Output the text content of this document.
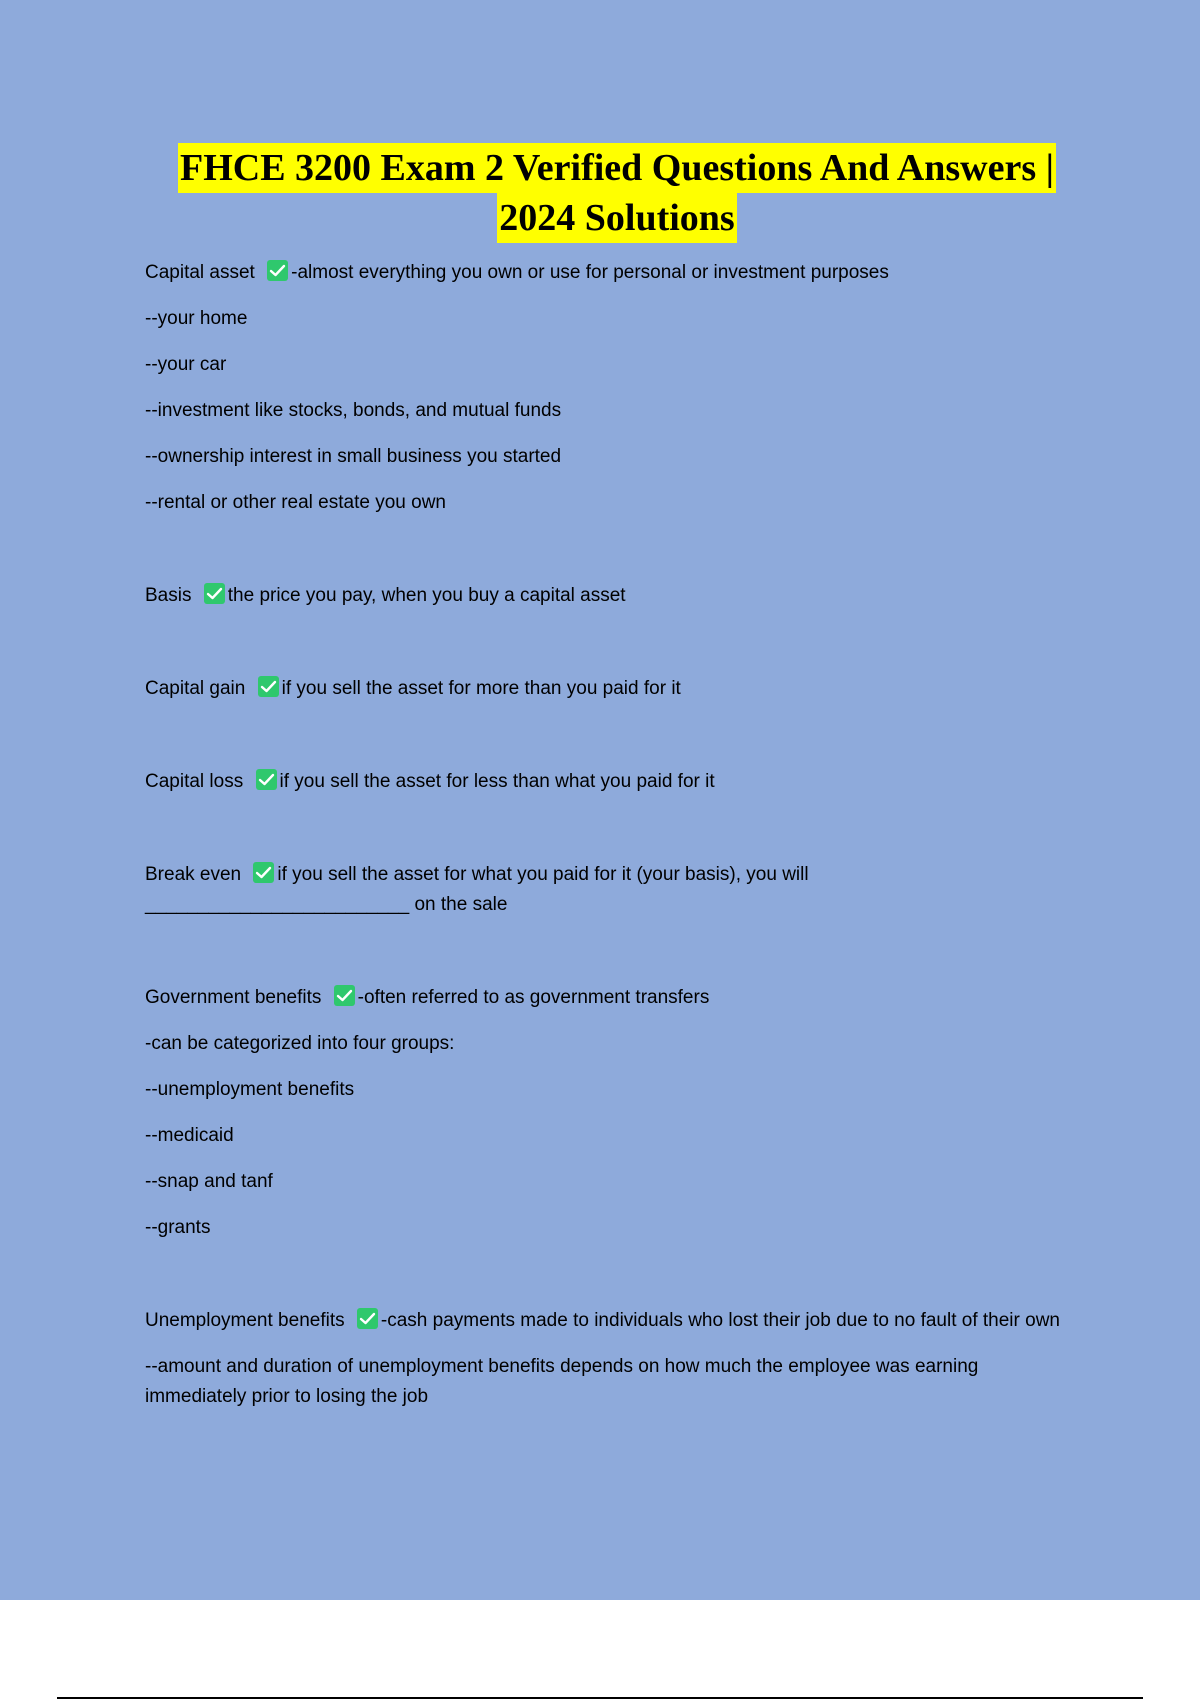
FHCE 3200 Exam 2 Verified Questions And Answers |
2024 Solutions
Capital asset
-almost everything you own or use for personal or investment purposes
--your home
--your car
--investment like stocks, bonds, and mutual funds
--ownership interest in small business you started
--rental or other real estate you own
Basis
the price you pay, when you buy a capital asset
Capital gain
if you sell the asset for more than you paid for it
Capital loss
if you sell the asset for less than what you paid for it
Break even
if you sell the asset for what you paid for it (your basis), you will
_________________________ on the sale
Government benefits
-often referred to as government transfers
-can be categorized into four groups:
--unemployment benefits
--medicaid
--snap and tanf
--grants
Unemployment benefits
-cash payments made to individuals who lost their job due to no fault of their own
--amount and duration of unemployment benefits depends on how much the employee was earning immediately prior to losing the job
